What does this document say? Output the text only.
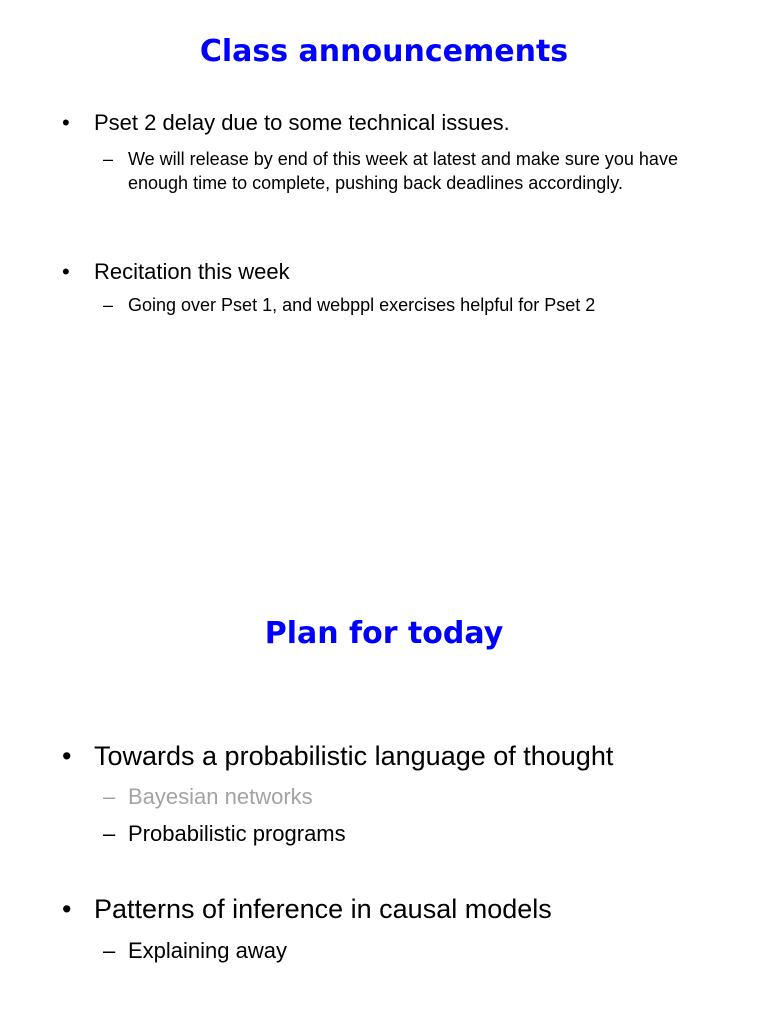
Class announcements
• Pset 2 delay due to some technical issues.
– We will release by end of this week at latest and make sure you have enough time to complete, pushing back deadlines accordingly.
• Recitation this week
– Going over Pset 1, and webppl exercises helpful for Pset 2
Plan for today
• Towards a probabilistic language of thought
– Bayesian networks
– Probabilistic programs
• Patterns of inference in causal models
– Explaining away
